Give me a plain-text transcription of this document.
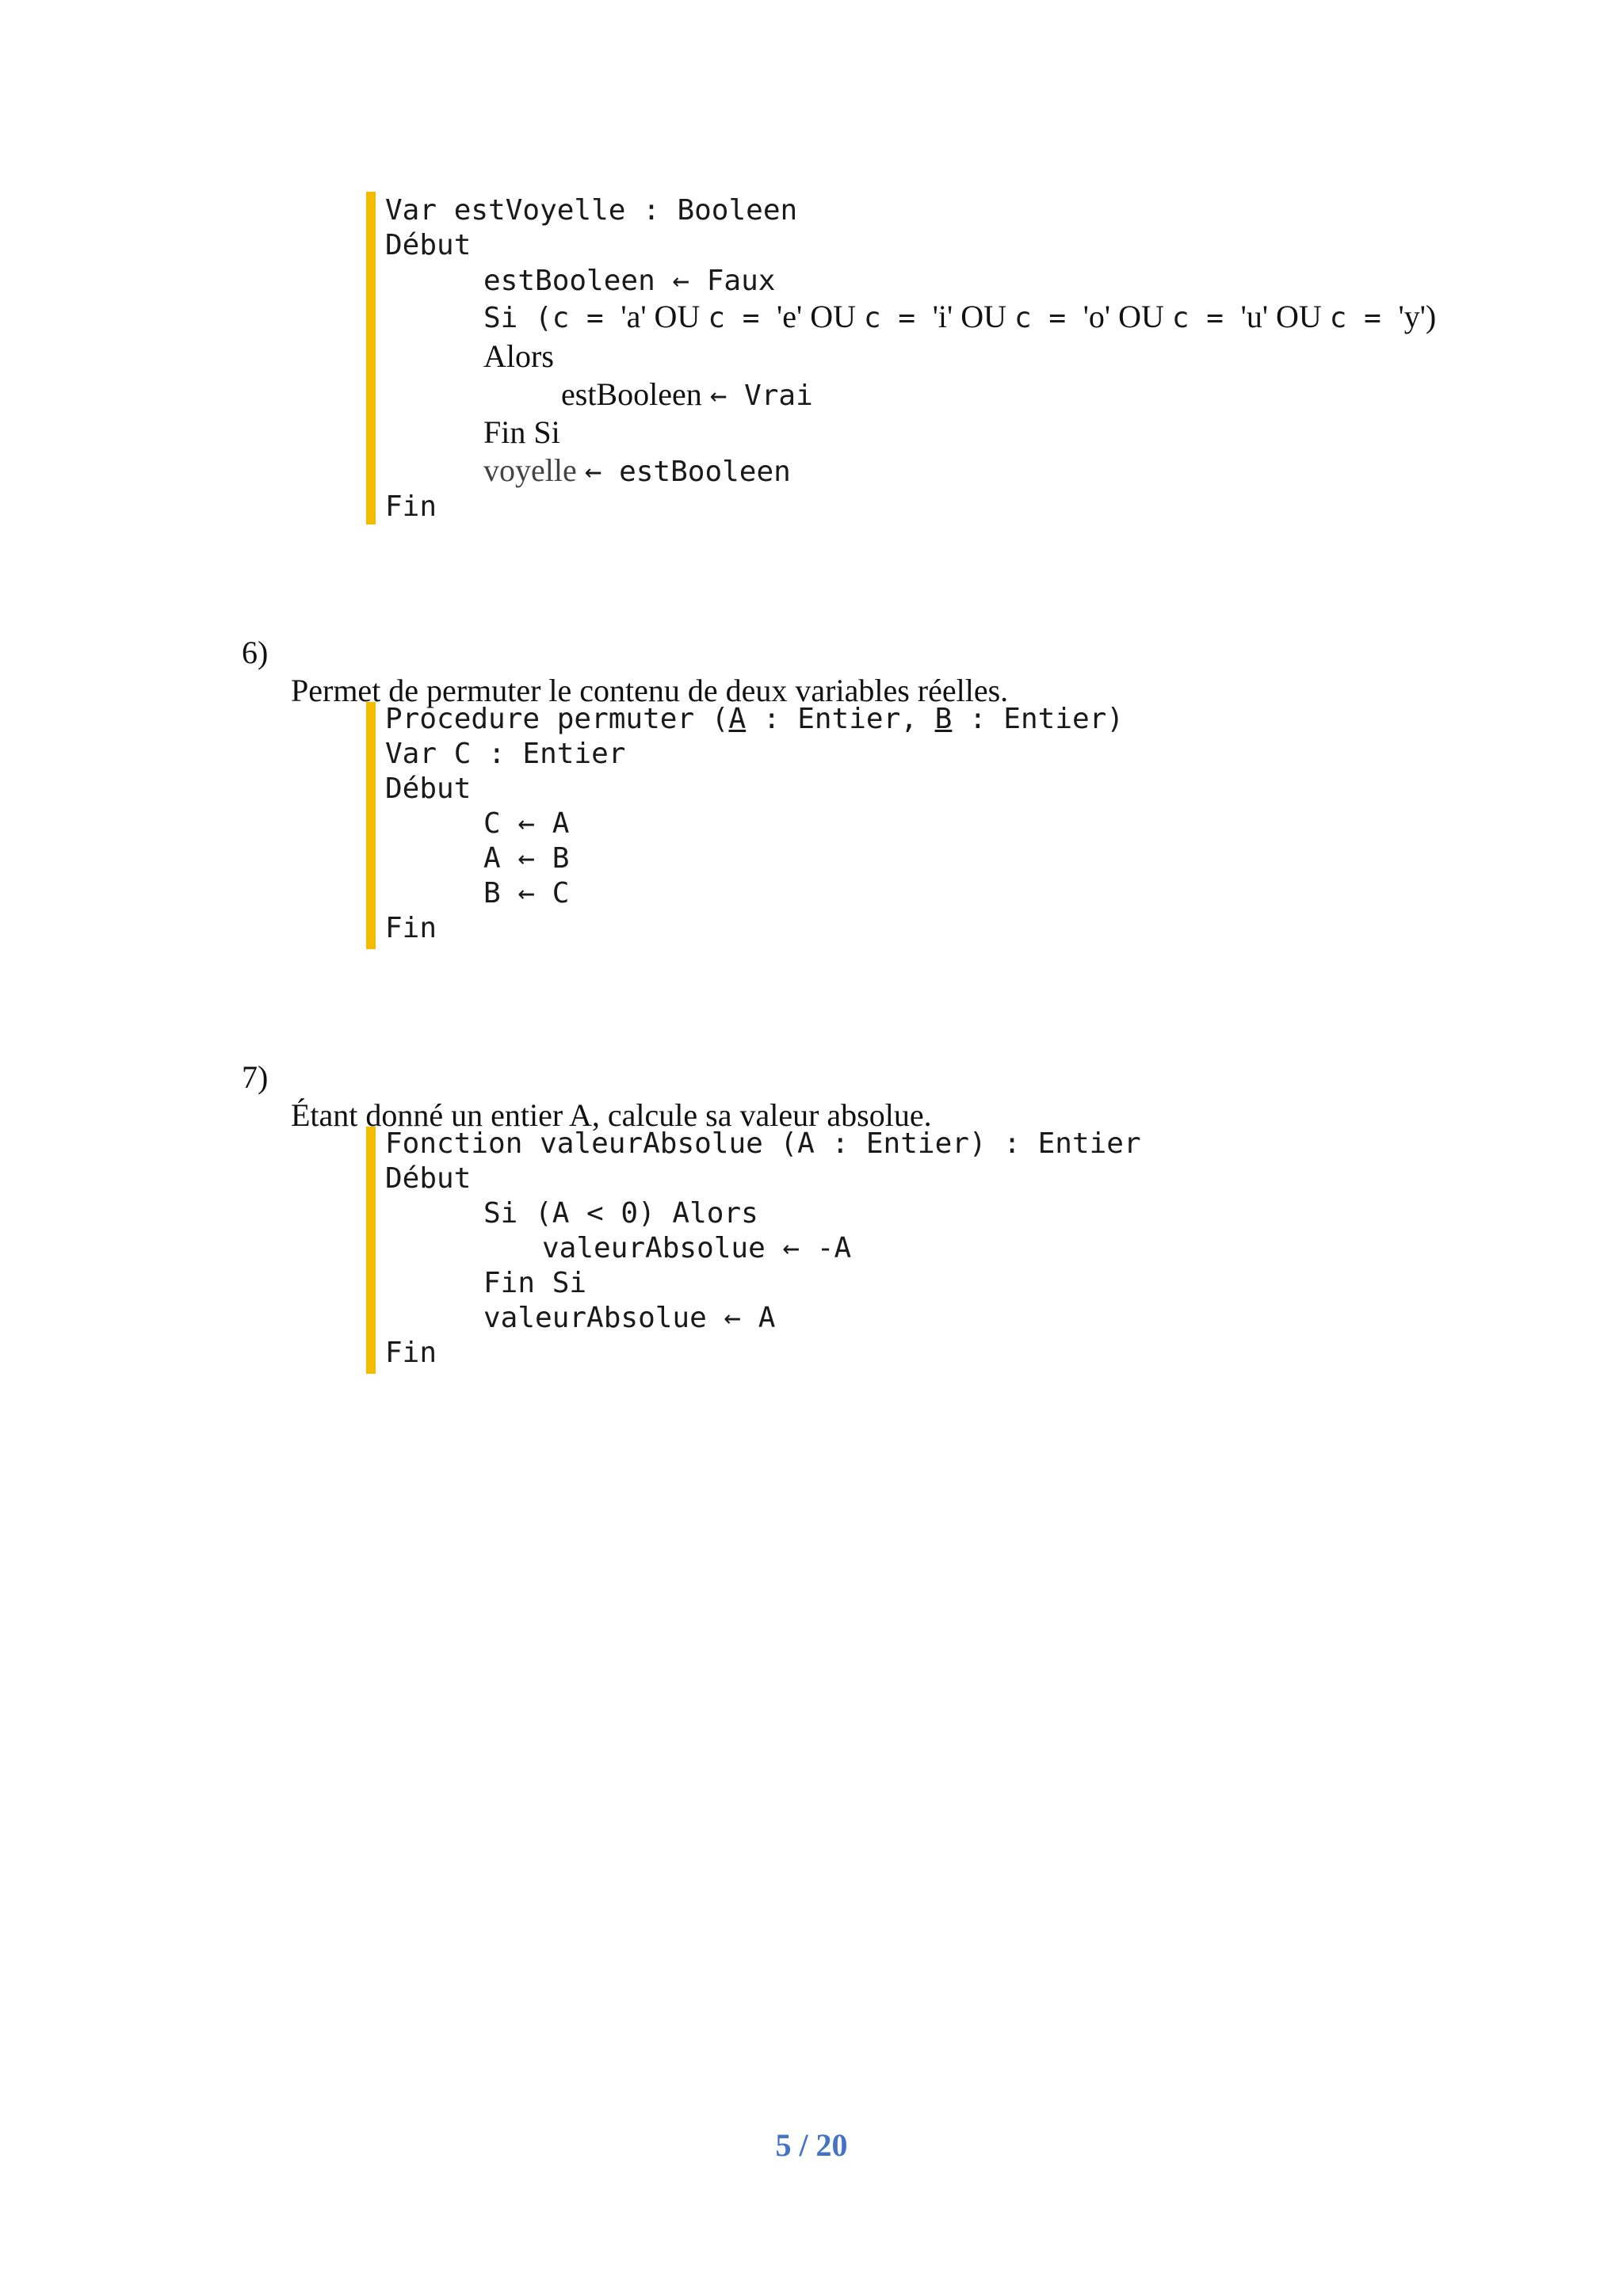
Var estVoyelle : Booleen
Début
estBooleen ← Faux
Si (c = 'a' OU c = 'e' OU c = 'i' OU c = 'o' OU c = 'u' OU c = 'y')
Alors
estBooleen ← Vrai
Fin Si
voyelle ← estBooleen
Fin

6)

Permet de permuter le contenu de deux variables réelles.

Procedure permuter (A : Entier, B : Entier)
Var C : Entier
Début
C ← A
A ← B
B ← C
Fin

7)

Étant donné un entier A, calcule sa valeur absolue.

Fonction valeurAbsolue (A : Entier) : Entier
Début
Si (A < 0) Alors
valeurAbsolue ← -A
Fin Si
valeurAbsolue ← A
Fin
5 / 20
